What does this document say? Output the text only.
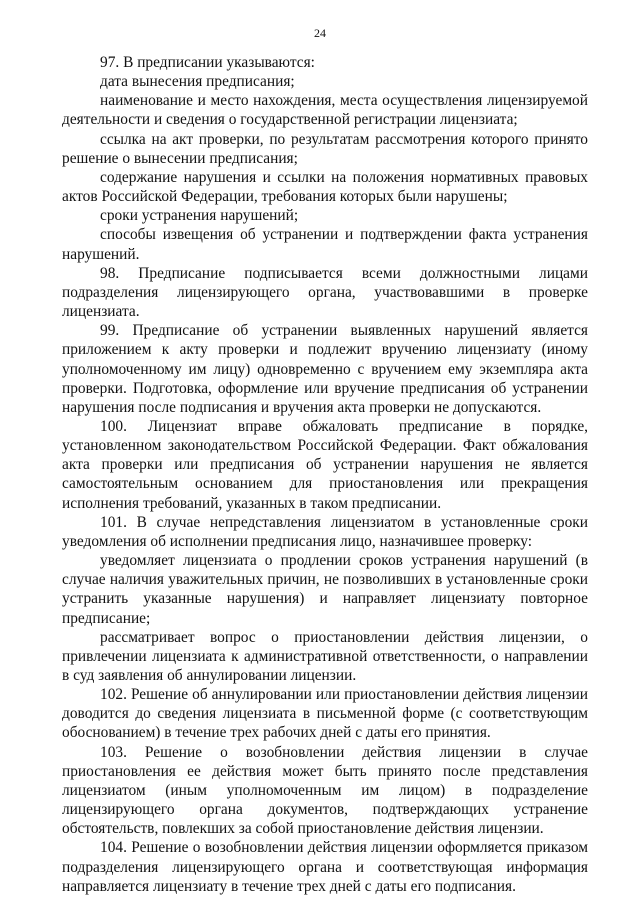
24

97. В предписании указываются:

дата вынесения предписания;

наименование и место нахождения, места осуществления лицензируемой деятельности и сведения о государственной регистрации лицензиата;

ссылка на акт проверки, по результатам рассмотрения которого принято решение о вынесении предписания;

содержание нарушения и ссылки на положения нормативных правовых актов Российской Федерации, требования которых были нарушены;

сроки устранения нарушений;

способы извещения об устранении и подтверждении факта устранения нарушений.

98. Предписание подписывается всеми должностными лицами подразделения лицензирующего органа, участвовавшими в проверке лицензиата.

99. Предписание об устранении выявленных нарушений является приложением к акту проверки и подлежит вручению лицензиату (иному уполномоченному им лицу) одновременно с вручением ему экземпляра акта проверки. Подготовка, оформление или вручение предписания об устранении нарушения после подписания и вручения акта проверки не допускаются.

100. Лицензиат вправе обжаловать предписание в порядке, установленном законодательством Российской Федерации. Факт обжалования акта проверки или предписания об устранении нарушения не является самостоятельным основанием для приостановления или прекращения исполнения требований, указанных в таком предписании.

101. В случае непредставления лицензиатом в установленные сроки уведомления об исполнении предписания лицо, назначившее проверку:

уведомляет лицензиата о продлении сроков устранения нарушений (в случае наличия уважительных причин, не позволивших в установленные сроки устранить указанные нарушения) и направляет лицензиату повторное предписание;

рассматривает вопрос о приостановлении действия лицензии, о привлечении лицензиата к административной ответственности, о направлении в суд заявления об аннулировании лицензии.

102. Решение об аннулировании или приостановлении действия лицензии доводится до сведения лицензиата в письменной форме (с соответствующим обоснованием) в течение трех рабочих дней с даты его принятия.

103. Решение о возобновлении действия лицензии в случае приостановления ее действия может быть принято после представления лицензиатом (иным уполномоченным им лицом) в подразделение лицензирующего органа документов, подтверждающих устранение обстоятельств, повлекших за собой приостановление действия лицензии.

104. Решение о возобновлении действия лицензии оформляется приказом подразделения лицензирующего органа и соответствующая информация направляется лицензиату в течение трех дней с даты его подписания.
